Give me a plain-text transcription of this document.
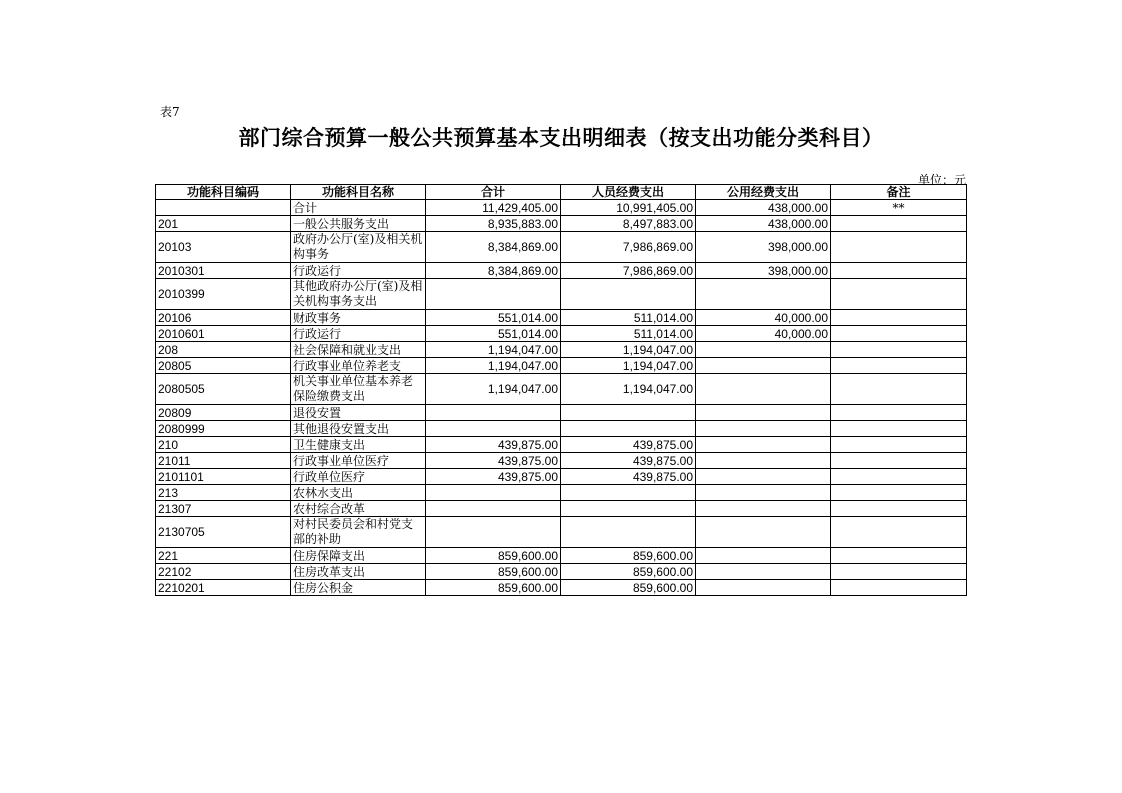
表7
部门综合预算一般公共预算基本支出明细表（按支出功能分类科目）
单位：元
功能科目编码	功能科目名称	合计	人员经费支出	公用经费支出	备注
	合计	11,429,405.00	10,991,405.00	438,000.00	**
201	一般公共服务支出	8,935,883.00	8,497,883.00	438,000.00	
20103	政府办公厅(室)及相关机构事务	8,384,869.00	7,986,869.00	398,000.00	
2010301	行政运行	8,384,869.00	7,986,869.00	398,000.00	
2010399	其他政府办公厅(室)及相关机构事务支出				
20106	财政事务	551,014.00	511,014.00	40,000.00	
2010601	行政运行	551,014.00	511,014.00	40,000.00	
208	社会保障和就业支出	1,194,047.00	1,194,047.00		
20805	行政事业单位养老支	1,194,047.00	1,194,047.00		
2080505	机关事业单位基本养老保险缴费支出	1,194,047.00	1,194,047.00		
20809	退役安置				
2080999	其他退役安置支出				
210	卫生健康支出	439,875.00	439,875.00		
21011	行政事业单位医疗	439,875.00	439,875.00		
2101101	行政单位医疗	439,875.00	439,875.00		
213	农林水支出				
21307	农村综合改革				
2130705	对村民委员会和村党支部的补助				
221	住房保障支出	859,600.00	859,600.00		
22102	住房改革支出	859,600.00	859,600.00		
2210201	住房公积金	859,600.00	859,600.00		
